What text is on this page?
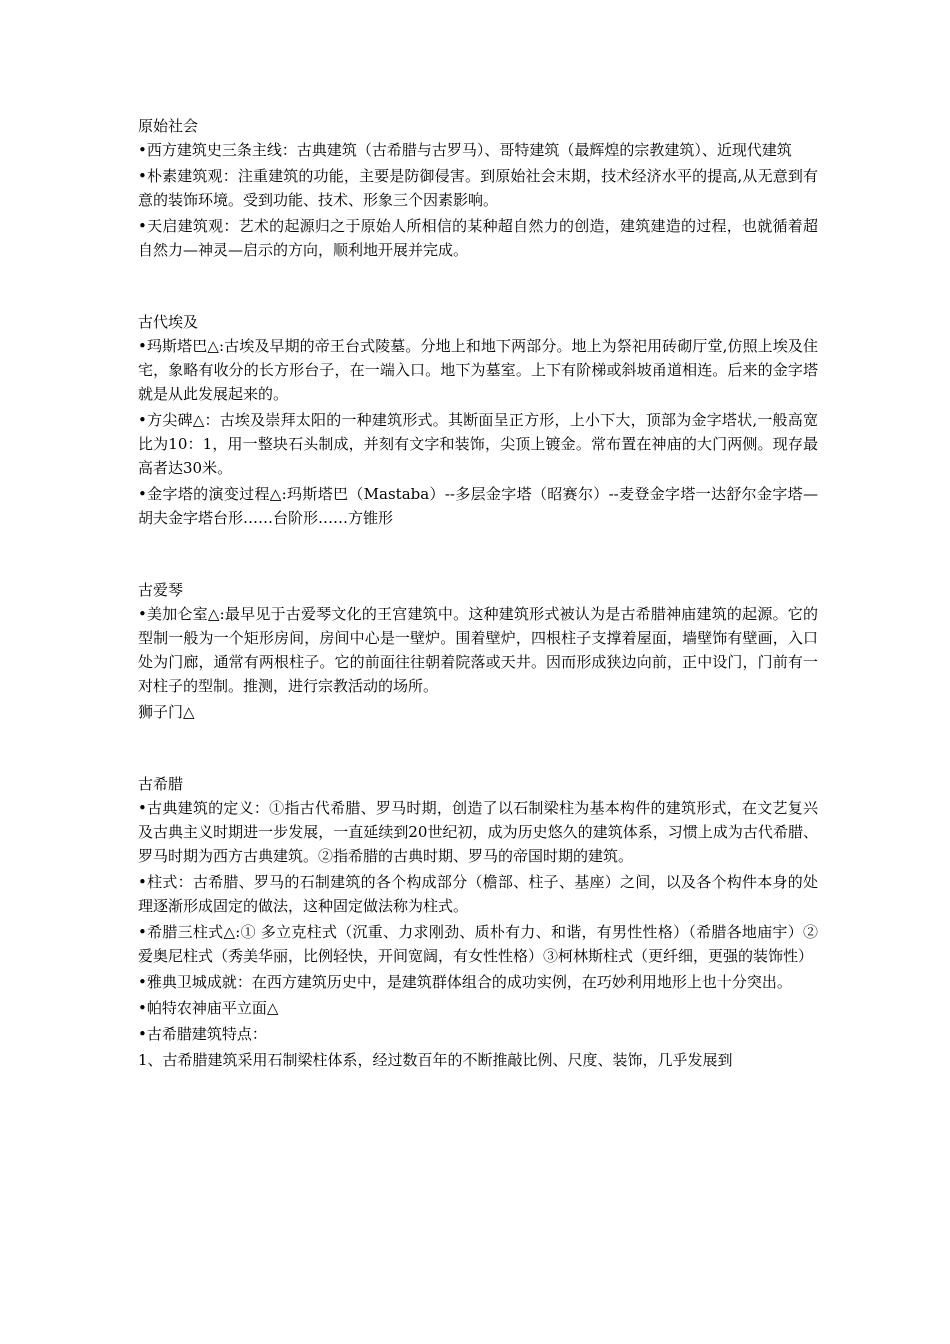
原始社会

•西方建筑史三条主线：古典建筑（古希腊与古罗马）、哥特建筑（最辉煌的宗教建筑）、近现代建筑

•朴素建筑观：注重建筑的功能，主要是防御侵害。到原始社会末期，技术经济水平的提高,从无意到有意的装饰环境。受到功能、技术、形象三个因素影响。

•天启建筑观：艺术的起源归之于原始人所相信的某种超自然力的创造，建筑建造的过程，也就循着超自然力—神灵—启示的方向，顺利地开展并完成。

古代埃及

•玛斯塔巴△:古埃及早期的帝王台式陵墓。分地上和地下两部分。地上为祭祀用砖砌厅堂,仿照上埃及住宅，象略有收分的长方形台子，在一端入口。地下为墓室。上下有阶梯或斜坡甬道相连。后来的金字塔就是从此发展起来的。

•方尖碑△：古埃及崇拜太阳的一种建筑形式。其断面呈正方形，上小下大，顶部为金字塔状,一般高宽比为10：1，用一整块石头制成，并刻有文字和装饰，尖顶上镀金。常布置在神庙的大门两侧。现存最高者达30米。

•金字塔的演变过程△:玛斯塔巴（Mastaba）--多层金字塔（昭赛尔）--麦登金字塔一达舒尔金字塔—胡夫金字塔台形……台阶形……方锥形

古爱琴

•美加仑室△:最早见于古爱琴文化的王宫建筑中。这种建筑形式被认为是古希腊神庙建筑的起源。它的型制一般为一个矩形房间，房间中心是一壁炉。围着壁炉，四根柱子支撑着屋面，墙壁饰有壁画，入口处为门廊，通常有两根柱子。它的前面往往朝着院落或天井。因而形成狭边向前，正中设门，门前有一对柱子的型制。推测，进行宗教活动的场所。

狮子门△

古希腊

•古典建筑的定义：①指古代希腊、罗马时期，创造了以石制梁柱为基本构件的建筑形式，在文艺复兴及古典主义时期进一步发展，一直延续到20世纪初，成为历史悠久的建筑体系，习惯上成为古代希腊、罗马时期为西方古典建筑。②指希腊的古典时期、罗马的帝国时期的建筑。

•柱式：古希腊、罗马的石制建筑的各个构成部分（檐部、柱子、基座）之间，以及各个构件本身的处理逐渐形成固定的做法，这种固定做法称为柱式。

•希腊三柱式△:① 多立克柱式（沉重、力求刚劲、质朴有力、和谐，有男性性格）（希腊各地庙宇）②爱奥尼柱式（秀美华丽，比例轻快，开间宽阔，有女性性格）③柯林斯柱式（更纤细，更强的装饰性）

•雅典卫城成就：在西方建筑历史中，是建筑群体组合的成功实例，在巧妙利用地形上也十分突出。

•帕特农神庙平立面△

•古希腊建筑特点：

1、古希腊建筑采用石制梁柱体系，经过数百年的不断推敲比例、尺度、装饰，几乎发展到
